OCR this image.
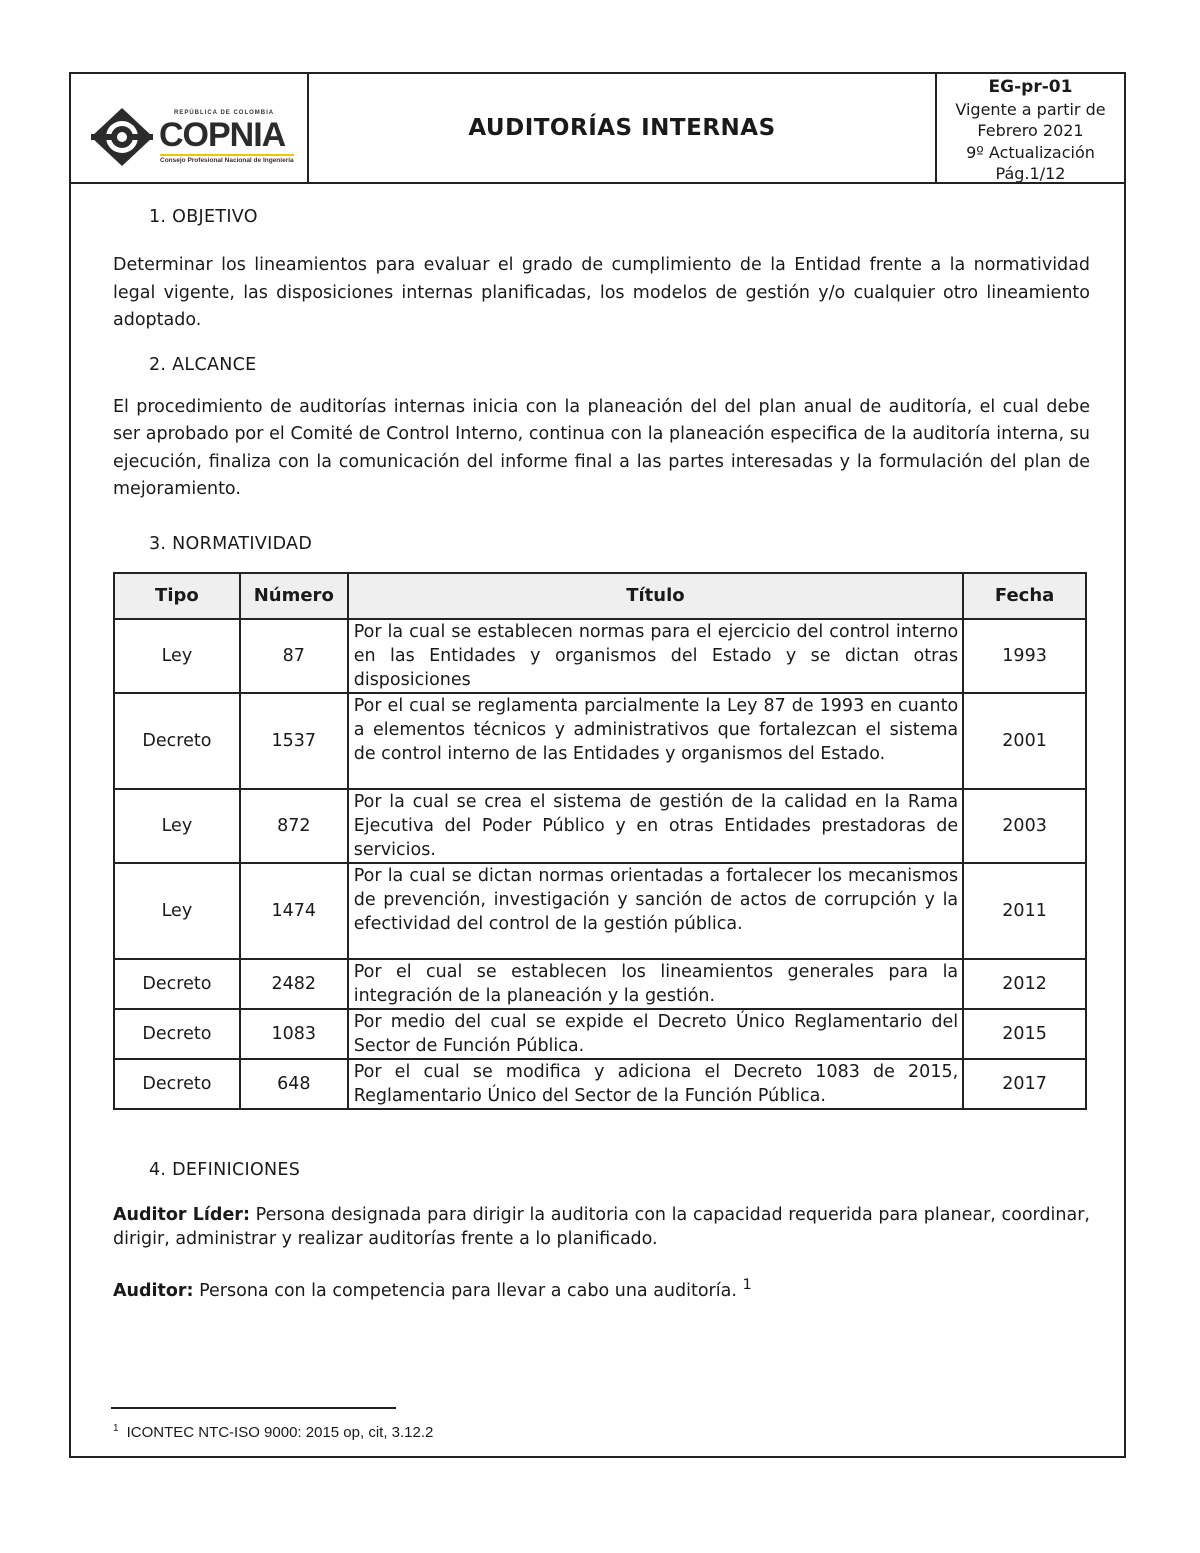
REPÚBLICA DE COLOMBIA
COPNIA
Consejo Profesional Nacional de Ingeniería
AUDITORÍAS INTERNAS
EG-pr-01
Vigente a partir de
Febrero 2021
9º Actualización
Pág.1/12
1. OBJETIVO

Determinar los lineamientos para evaluar el grado de cumplimiento de la Entidad frente a la normatividad legal vigente, las disposiciones internas planificadas, los modelos de gestión y/o cualquier otro lineamiento adoptado.

2. ALCANCE

El procedimiento de auditorías internas inicia con la planeación del del plan anual de auditoría, el cual debe ser aprobado por el Comité de Control Interno, continua con la planeación especifica de la auditoría interna, su ejecución, finaliza con la comunicación del informe final a las partes interesadas y la formulación del plan de mejoramiento.

3. NORMATIVIDAD
Tipo	Número	Título	Fecha
Ley	87	Por la cual se establecen normas para el ejercicio del control interno en las Entidades y organismos del Estado y se dictan otras disposiciones	1993
Decreto	1537	Por el cual se reglamenta parcialmente la Ley 87 de 1993 en cuanto a elementos técnicos y administrativos que fortalezcan el sistema de control interno de las Entidades y organismos del Estado.	2001
Ley	872	Por la cual se crea el sistema de gestión de la calidad en la Rama Ejecutiva del Poder Público y en otras Entidades prestadoras de servicios.	2003
Ley	1474	Por la cual se dictan normas orientadas a fortalecer los mecanismos de prevención, investigación y sanción de actos de corrupción y la efectividad del control de la gestión pública.	2011
Decreto	2482	Por el cual se establecen los lineamientos generales para la integración de la planeación y la gestión.	2012
Decreto	1083	Por medio del cual se expide el Decreto Único Reglamentario del Sector de Función Pública.	2015
Decreto	648	Por el cual se modifica y adiciona el Decreto 1083 de 2015, Reglamentario Único del Sector de la Función Pública.	2017
4. DEFINICIONES

Auditor Líder: Persona designada para dirigir la auditoria con la capacidad requerida para planear, coordinar, dirigir, administrar y realizar auditorías frente a lo planificado.

Auditor: Persona con la competencia para llevar a cabo una auditoría. $^1$

$^1$ ICONTEC NTC-ISO 9000: 2015 op, cit, 3.12.2
